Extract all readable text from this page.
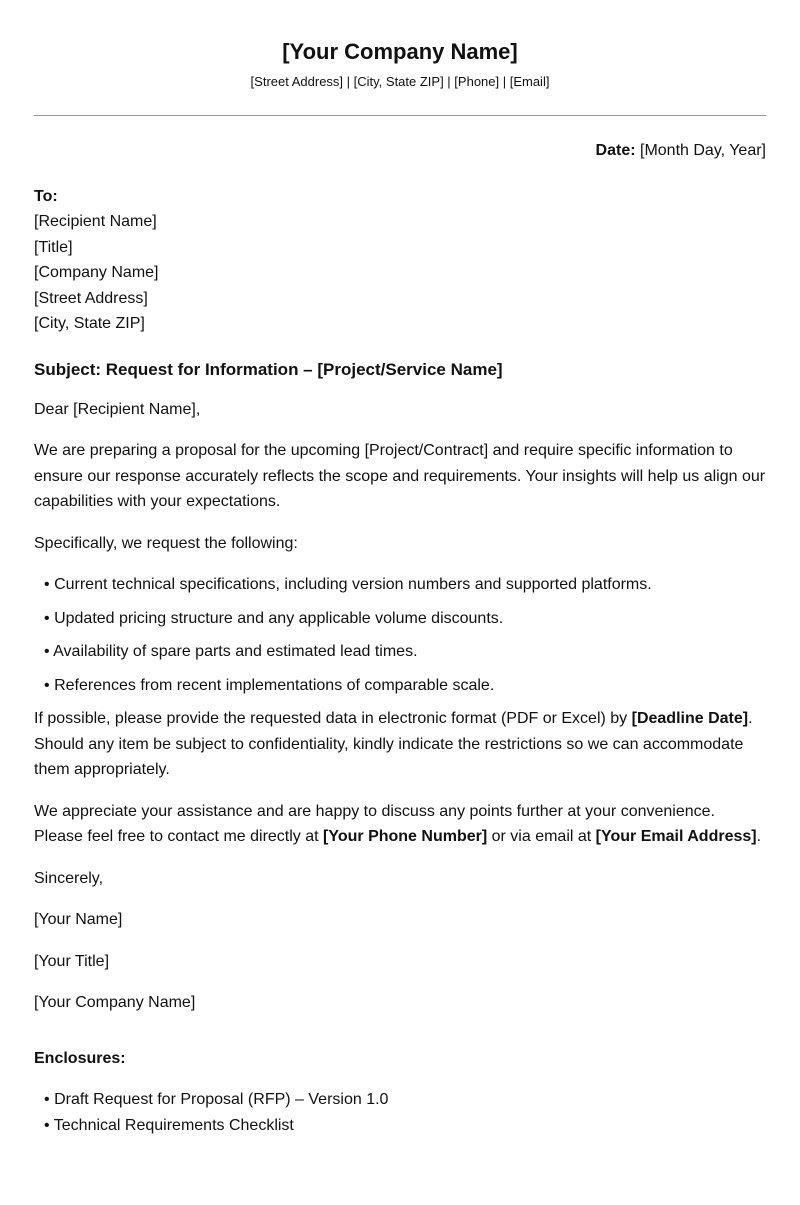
[Your Company Name]
[Street Address] | [City, State ZIP] | [Phone] | [Email]

Date: [Month Day, Year]

To:
[Recipient Name]
[Title]
[Company Name]
[Street Address]
[City, State ZIP]
Subject: Request for Information – [Project/Service Name]

Dear [Recipient Name],

We are preparing a proposal for the upcoming [Project/Contract] and require specific information to ensure our response accurately reflects the scope and requirements. Your insights will help us align our capabilities with your expectations.

Specifically, we request the following:

• Current technical specifications, including version numbers and supported platforms.
• Updated pricing structure and any applicable volume discounts.
• Availability of spare parts and estimated lead times.
• References from recent implementations of comparable scale.

If possible, please provide the requested data in electronic format (PDF or Excel) by [Deadline Date]. Should any item be subject to confidentiality, kindly indicate the restrictions so we can accommodate them appropriately.

We appreciate your assistance and are happy to discuss any points further at your convenience. Please feel free to contact me directly at [Your Phone Number] or via email at [Your Email Address].

Sincerely,

[Your Name]

[Your Title]

[Your Company Name]

Enclosures:

• Draft Request for Proposal (RFP) – Version 1.0
• Technical Requirements Checklist
